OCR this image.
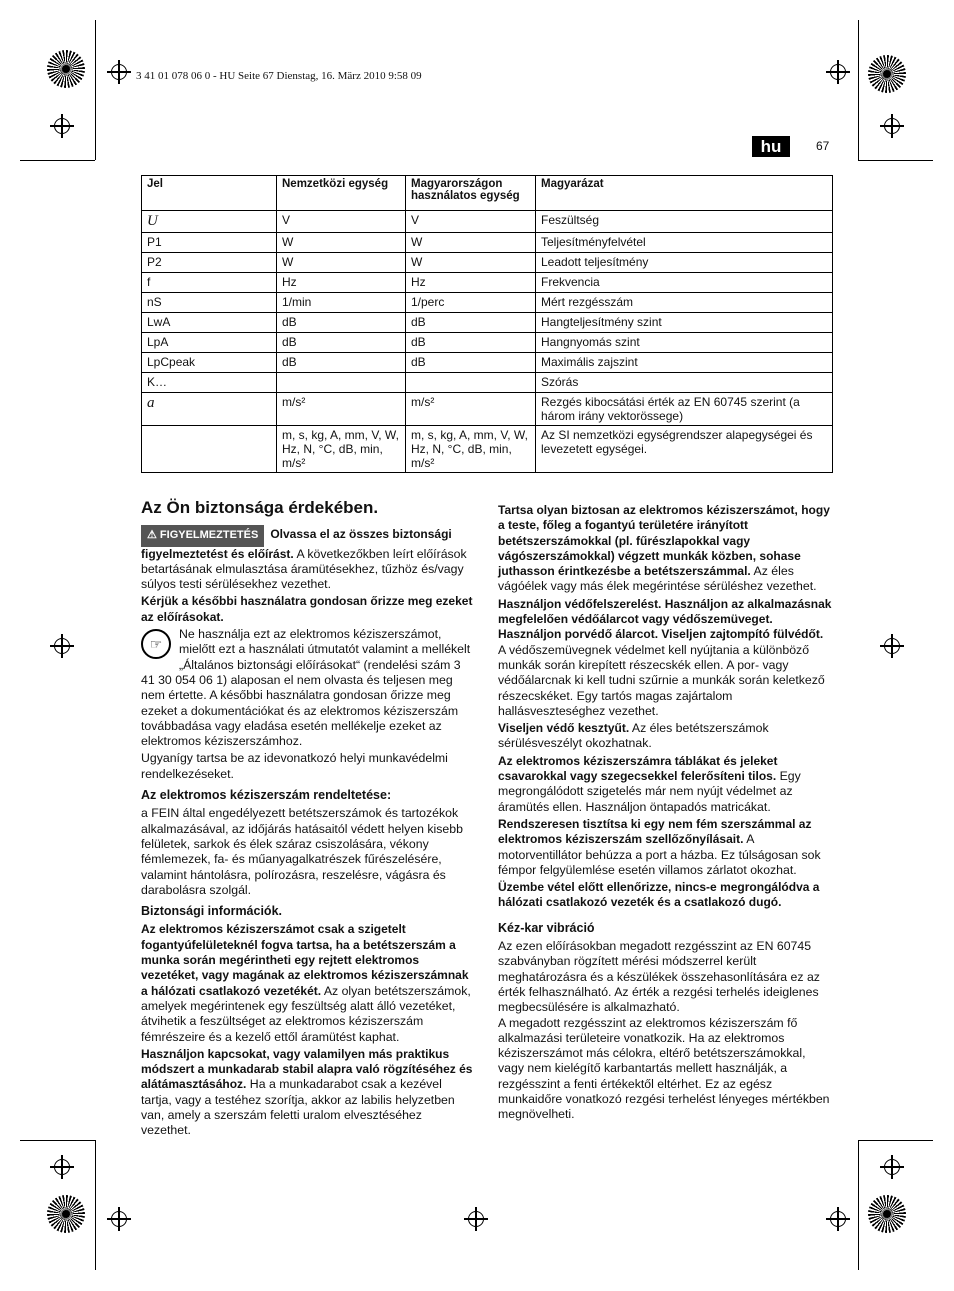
3 41 01 078 06 0 - HU Seite 67 Dienstag, 16. März 2010 9:58 09
hu	67
Jel	Nemzetközi egység	Magyarországon használatos egység	Magyarázat
U	V	V	Feszültség
P1	W	W	Teljesítményfelvétel
P2	W	W	Leadott teljesítmény
f	Hz	Hz	Frekvencia
nS	1/min	1/perc	Mért rezgésszám
LwA	dB	dB	Hangteljesítmény szint
LpA	dB	dB	Hangnyomás szint
LpCpeak	dB	dB	Maximális zajszint
K…			Szórás
a	m/s²	m/s²	Rezgés kibocsátási érték az EN 60745 szerint (a három irány vektorössege)
	m, s, kg, A, mm, V, W, Hz, N, °C, dB, min, m/s²	m, s, kg, A, mm, V, W, Hz, N, °C, dB, min, m/s²	Az SI nemzetközi egységrendszer alapegységei és levezetett egységei.
Az Ön biztonsága érdekében.

⚠ FIGYELMEZTETÉS Olvassa el az összes biztonsági figyelmeztetést és előírást. A következőkben leírt előírások betartásának elmulasztása áramütésekhez, tűzhöz és/vagy súlyos testi sérülésekhez vezethet.

Kérjük a későbbi használatra gondosan őrizze meg ezeket az előírásokat.

☞
Ne használja ezt az elektromos kéziszerszámot, mielőtt ezt a használati útmutatót valamint a mellékelt „Általános biztonsági előírásokat“ (rendelési szám 3 41 30 054 06 1) alaposan el nem olvasta és teljesen meg nem értette. A későbbi használatra gondosan őrizze meg ezeket a dokumentációkat és az elektromos kéziszerszám továbbadása vagy eladása esetén mellékelje ezeket az elektromos kéziszerszámhoz.

Ugyanígy tartsa be az idevonatkozó helyi munkavédelmi rendelkezéseket.

Az elektromos kéziszerszám rendeltetése:

a FEIN által engedélyezett betétszerszámok és tartozékok alkalmazásával, az időjárás hatásaitól védett helyen kisebb felületek, sarkok és élek száraz csiszolására, vékony fémlemezek, fa- és műanyagalkatrészek fűrészelésére, valamint hántolásra, polírozásra, reszelésre, vágásra és darabolásra szolgál.

Biztonsági információk.

Az elektromos kéziszerszámot csak a szigetelt fogantyúfelületeknél fogva tartsa, ha a betétszerszám a munka során megérintheti egy rejtett elektromos vezetéket, vagy magának az elektromos kéziszerszámnak a hálózati csatlakozó vezetékét. Az olyan betétszerszámok, amelyek megérintenek egy feszültség alatt álló vezetéket, átvihetik a feszültséget az elektromos kéziszerszám fémrészeire és a kezelő ettől áramütést kaphat.

Használjon kapcsokat, vagy valamilyen más praktikus módszert a munkadarab stabil alapra való rögzítéséhez és alátámasztásához. Ha a munkadarabot csak a kezével tartja, vagy a testéhez szorítja, akkor az labilis helyzetben van, amely a szerszám feletti uralom elvesztéséhez vezethet.

Tartsa olyan biztosan az elektromos kéziszerszámot, hogy a teste, főleg a fogantyú területére irányított betétszerszámokkal (pl. fűrészlapokkal vagy vágószerszámokkal) végzett munkák közben, sohase juthasson érintkezésbe a betétszerszámmal. Az éles vágóélek vagy más élek megérintése sérüléshez vezethet.

Használjon védőfelszerelést. Használjon az alkalmazásnak megfelelően védőálarcot vagy védőszemüveget.

Használjon porvédő álarcot. Viseljen zajtompító fülvédőt. A védőszemüvegnek védelmet kell nyújtania a különböző munkák során kirepített részecskék ellen. A por- vagy védőálarcnak ki kell tudni szűrnie a munkák során keletkező részecskéket. Egy tartós magas zajártalom hallásveszteséghez vezethet.

Viseljen védő kesztyűt. Az éles betétszerszámok sérülésveszélyt okozhatnak.

Az elektromos kéziszerszámra táblákat és jeleket csavarokkal vagy szegecsekkel felerősíteni tilos. Egy megrongálódott szigetelés már nem nyújt védelmet az áramütés ellen. Használjon öntapadós matricákat.

Rendszeresen tisztítsa ki egy nem fém szerszámmal az elektromos kéziszerszám szellőzőnyílásait. A motorventillátor behúzza a port a házba. Ez túlságosan sok fémpor felgyülemlése esetén villamos zárlatot okozhat.

Üzembe vétel előtt ellenőrizze, nincs-e megrongálódva a hálózati csatlakozó vezeték és a csatlakozó dugó.

Kéz-kar vibráció

Az ezen előírásokban megadott rezgésszint az EN 60745 szabványban rögzített mérési módszerrel került meghatározásra és a készülékek összehasonlítására ez az érték felhasználható. Az érték a rezgési terhelés ideiglenes megbecsülésére is alkalmazható.

A megadott rezgésszint az elektromos kéziszerszám fő alkalmazási területeire vonatkozik. Ha az elektromos kéziszerszámot más célokra, eltérő betétszerszámokkal, vagy nem kielégítő karbantartás mellett használják, a rezgésszint a fenti értékektől eltérhet. Ez az egész munkaidőre vonatkozó rezgési terhelést lényeges mértékben megnövelheti.
